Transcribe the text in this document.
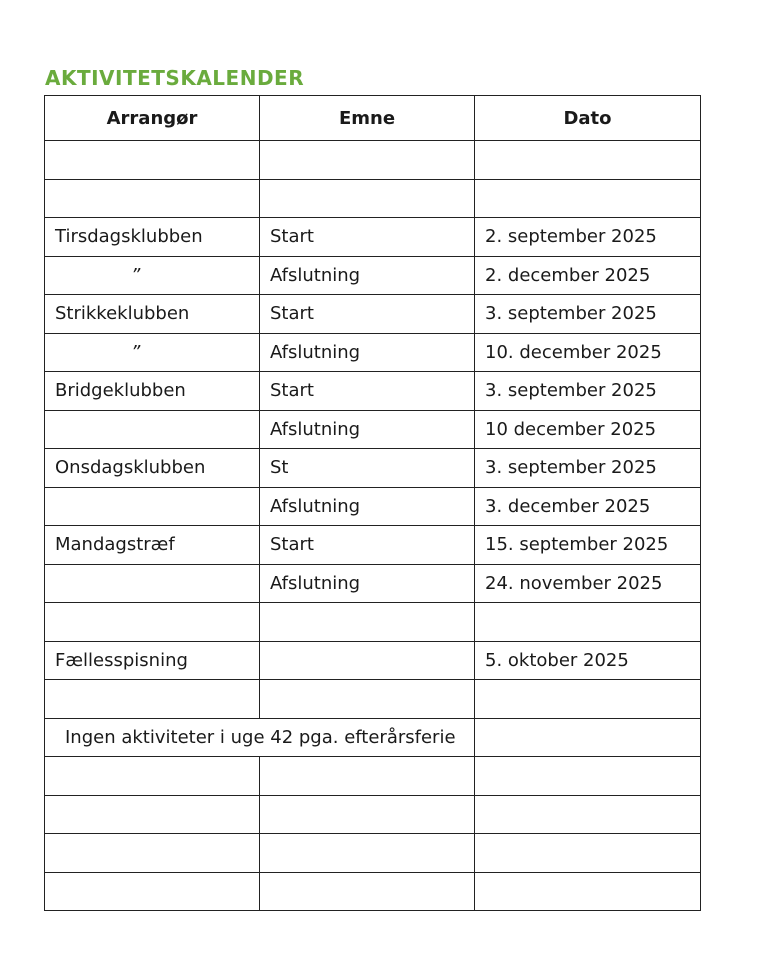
AKTIVITETSKALENDER
Arrangør	Emne	Dato

Tirsdagsklubben	Start	2. september 2025
”	Afslutning	2. december 2025
Strikkeklubben	Start	3. september 2025
”	Afslutning	10. december 2025
Bridgeklubben	Start	3. september 2025
	Afslutning	10 december 2025
Onsdagsklubben	St	3. september 2025
	Afslutning	3. december 2025
Mandagstræf	Start	15. september 2025
	Afslutning	24. november 2025

Fællesspisning		5. oktober 2025

Ingen aktiviteter i uge 42 pga. efterårsferie		
